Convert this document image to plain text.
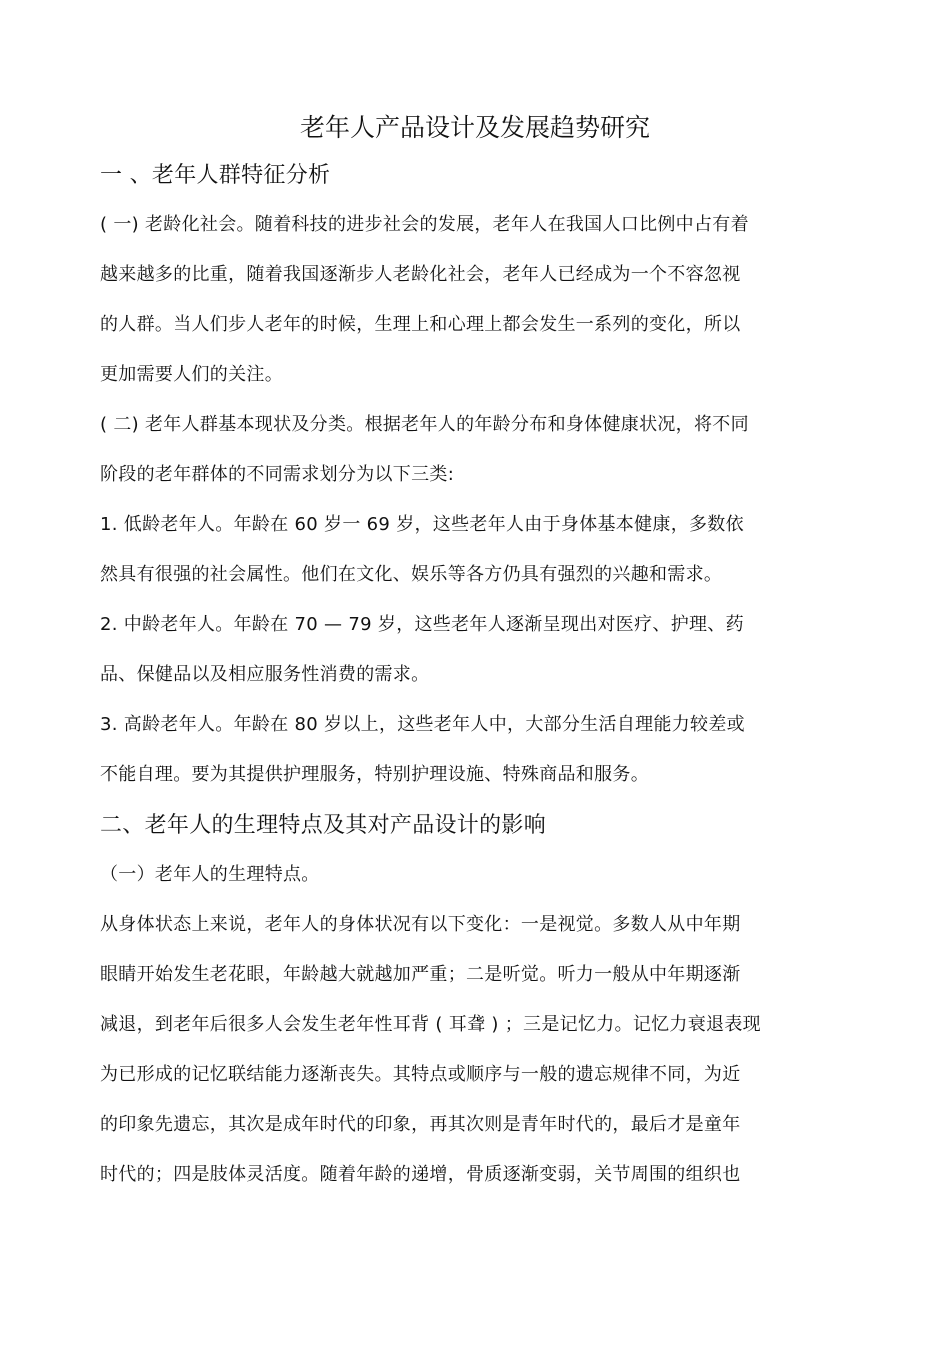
老年人产品设计及发展趋势研究
一 、老年人群特征分析
( 一) 老龄化社会。随着科技的进步社会的发展，老年人在我国人口比例中占有着
越来越多的比重，随着我国逐渐步人老龄化社会，老年人已经成为一个不容忽视
的人群。当人们步人老年的时候，生理上和心理上都会发生一系列的变化，所以
更加需要人们的关注。
( 二) 老年人群基本现状及分类。根据老年人的年龄分布和身体健康状况，将不同
阶段的老年群体的不同需求划分为以下三类:
1. 低龄老年人。年龄在 60 岁一 69 岁，这些老年人由于身体基本健康，多数依
然具有很强的社会属性。他们在文化、娱乐等各方仍具有强烈的兴趣和需求。
2. 中龄老年人。年龄在 70 — 79 岁，这些老年人逐渐呈现出对医疗、护理、药
品、保健品以及相应服务性消费的需求。
3. 高龄老年人。年龄在 80 岁以上，这些老年人中，大部分生活自理能力较差或
不能自理。要为其提供护理服务，特别护理设施、特殊商品和服务。
二、老年人的生理特点及其对产品设计的影响
（一）老年人的生理特点。
从身体状态上来说，老年人的身体状况有以下变化：一是视觉。多数人从中年期
眼睛开始发生老花眼，年龄越大就越加严重；二是听觉。听力一般从中年期逐渐
减退，到老年后很多人会发生老年性耳背 ( 耳聋 ) ；三是记忆力。记忆力衰退表现
为已形成的记忆联结能力逐渐丧失。其特点或顺序与一般的遗忘规律不同，为近
的印象先遗忘，其次是成年时代的印象，再其次则是青年时代的，最后才是童年
时代的；四是肢体灵活度。随着年龄的递增，骨质逐渐变弱，关节周围的组织也
